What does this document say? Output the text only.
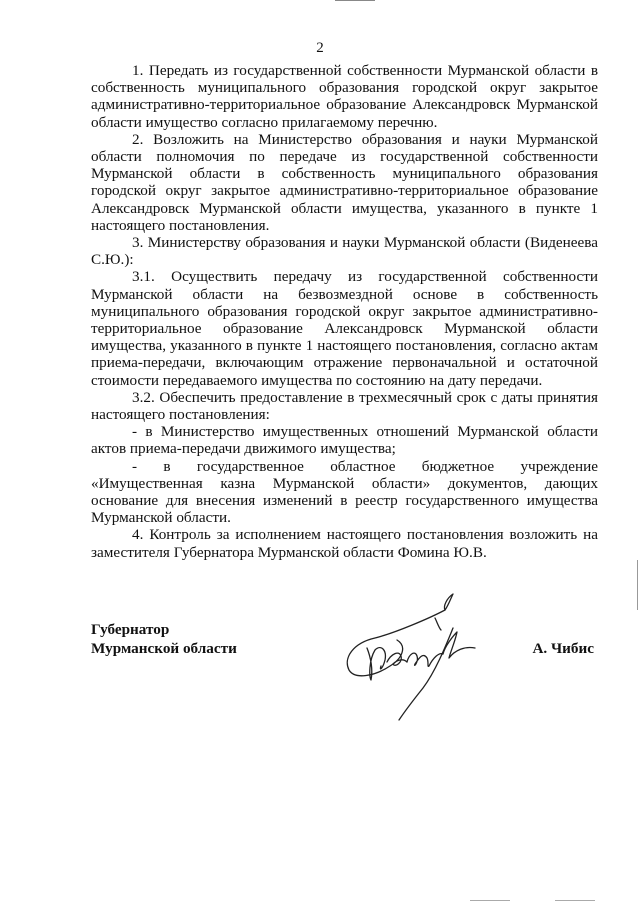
2

1. Передать из государственной собственности Мурманской области в собственность муниципального образования городской округ закрытое административно-территориальное образование Александровск Мурманской области имущество согласно прилагаемому перечню.

2. Возложить на Министерство образования и науки Мурманской области полномочия по передаче из государственной собственности Мурманской области в собственность муниципального образования городской округ закрытое административно-территориальное образование Александровск Мурманской области имущества, указанного в пункте 1 настоящего постановления.

3. Министерству образования и науки Мурманской области (Виденеева С.Ю.):

3.1. Осуществить передачу из государственной собственности Мурманской области на безвозмездной основе в собственность муниципального образования городской округ закрытое административно-территориальное образование Александровск Мурманской области имущества, указанного в пункте 1 настоящего постановления, согласно актам приема-передачи, включающим отражение первоначальной и остаточной стоимости передаваемого имущества по состоянию на дату передачи.

3.2. Обеспечить предоставление в трехмесячный срок с даты принятия настоящего постановления:

- в Министерство имущественных отношений Мурманской области актов приема-передачи движимого имущества;

- в государственное областное бюджетное учреждение «Имущественная казна Мурманской области» документов, дающих основание для внесения изменений в реестр государственного имущества Мурманской области.

4. Контроль за исполнением настоящего постановления возложить на заместителя Губернатора Мурманской области Фомина Ю.В.

Губернатор
Мурманской области	А. Чибис
